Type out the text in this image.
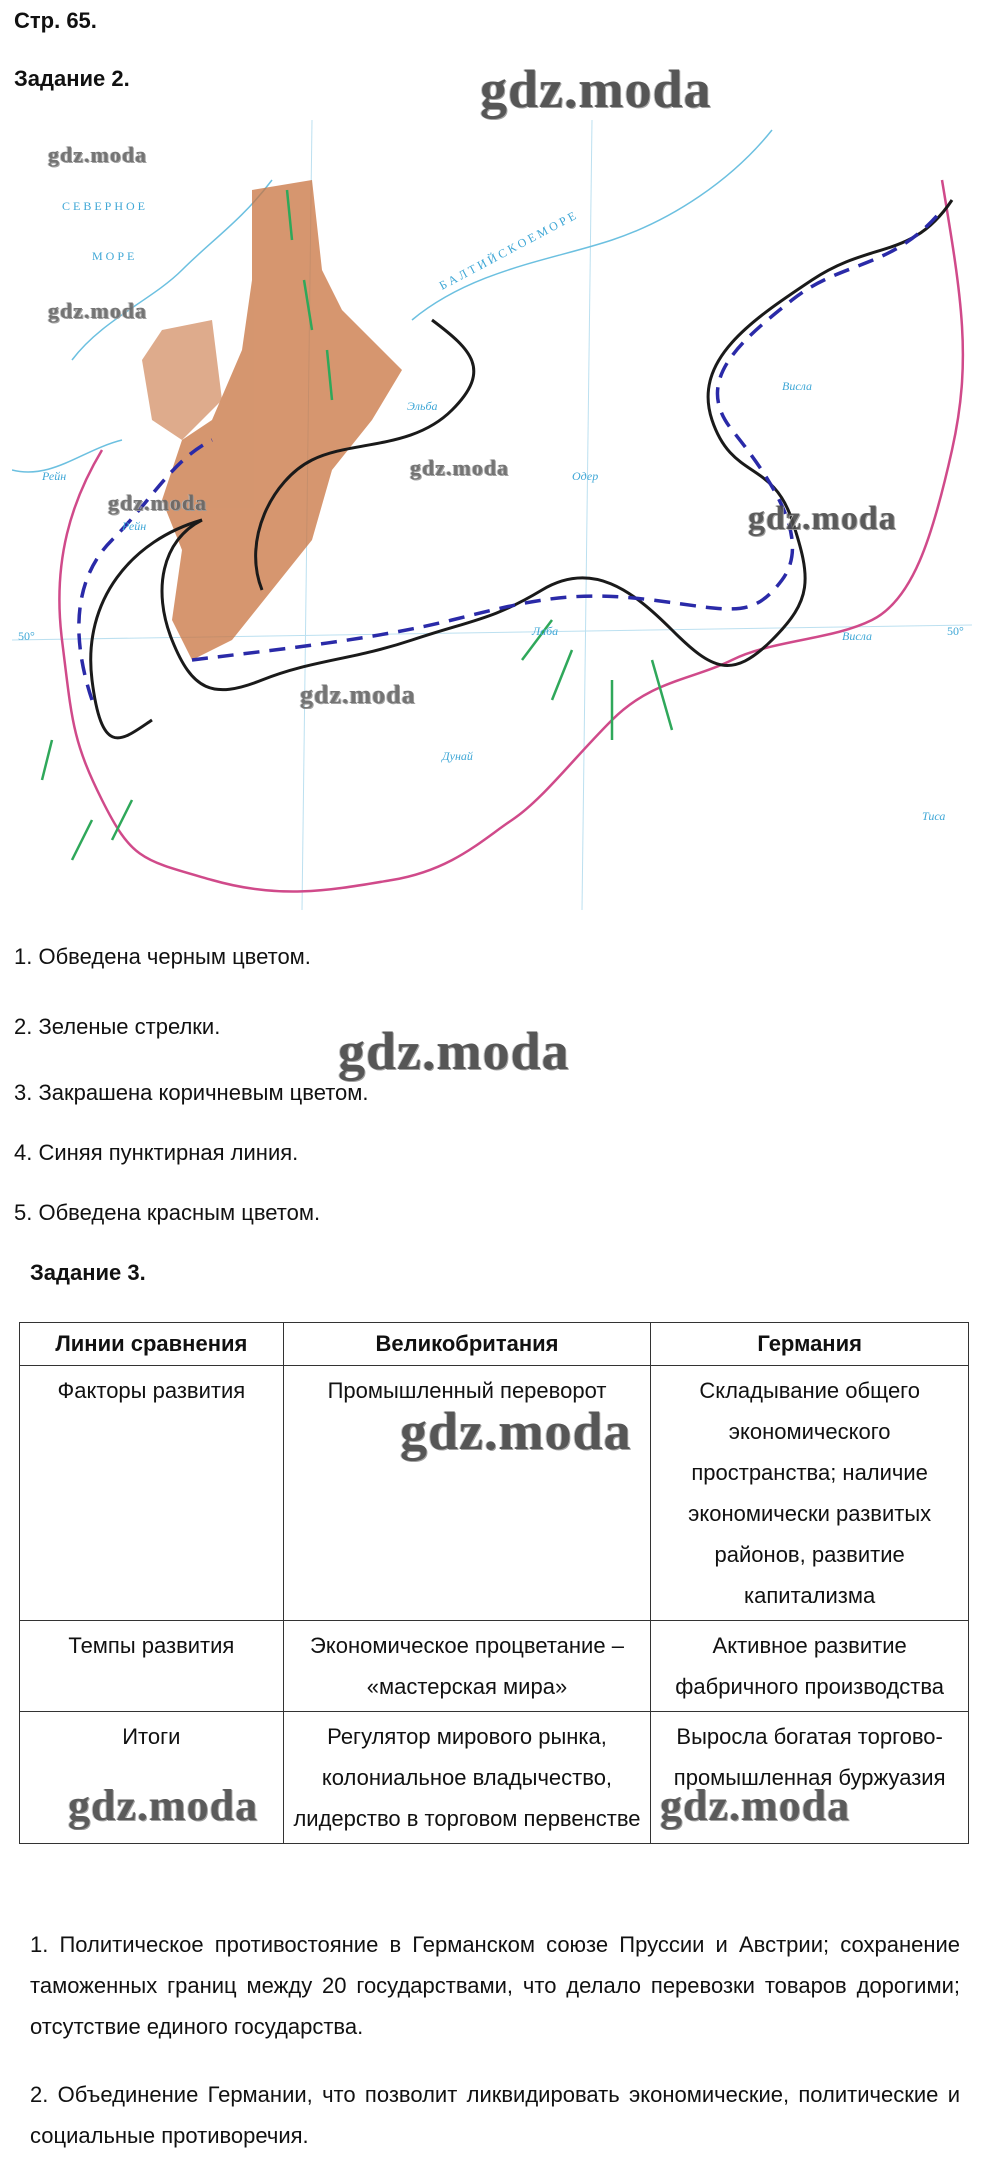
Стр. 65.
Задание 2.
С Е В Е Р Н О Е
М О Р Е	Б А Л Т И Й С К О Е М О Р Е
Рейн
Рейн
Эльба
Одер
Висла
Висла
Дунай
Тиса
50°	50°
Лаба
gdz.moda
gdz.moda
gdz.moda
gdz.moda
gdz.moda	gdz.moda
gdz.moda
1. Обведена черным цветом.
2. Зеленые стрелки. gdz.moda
3. Закрашена коричневым цветом.
4. Синяя пунктирная линия.
5. Обведена красным цветом.
Задание 3.
Линии сравнения	Великобритания	Германия
Факторы развития	Промышленный переворот	Складывание общего экономического пространства; наличие экономически развитых районов, развитие капитализма
Темпы развития	Экономическое процветание – «мастерская мира»	Активное развитие фабричного производства
Итоги	Регулятор мирового рынка, колониальное владычество, лидерство в торговом первенстве	Выросла богатая торгово-промышленная буржуазия
gdz.moda
gdz.moda	gdz.moda
1. Политическое противостояние в Германском союзе Пруссии и Австрии; сохранение таможенных границ между 20 государствами, что делало перевозки товаров дорогими; отсутствие единого государства.
2. Объединение Германии, что позволит ликвидировать экономические, политические и социальные противоречия.
